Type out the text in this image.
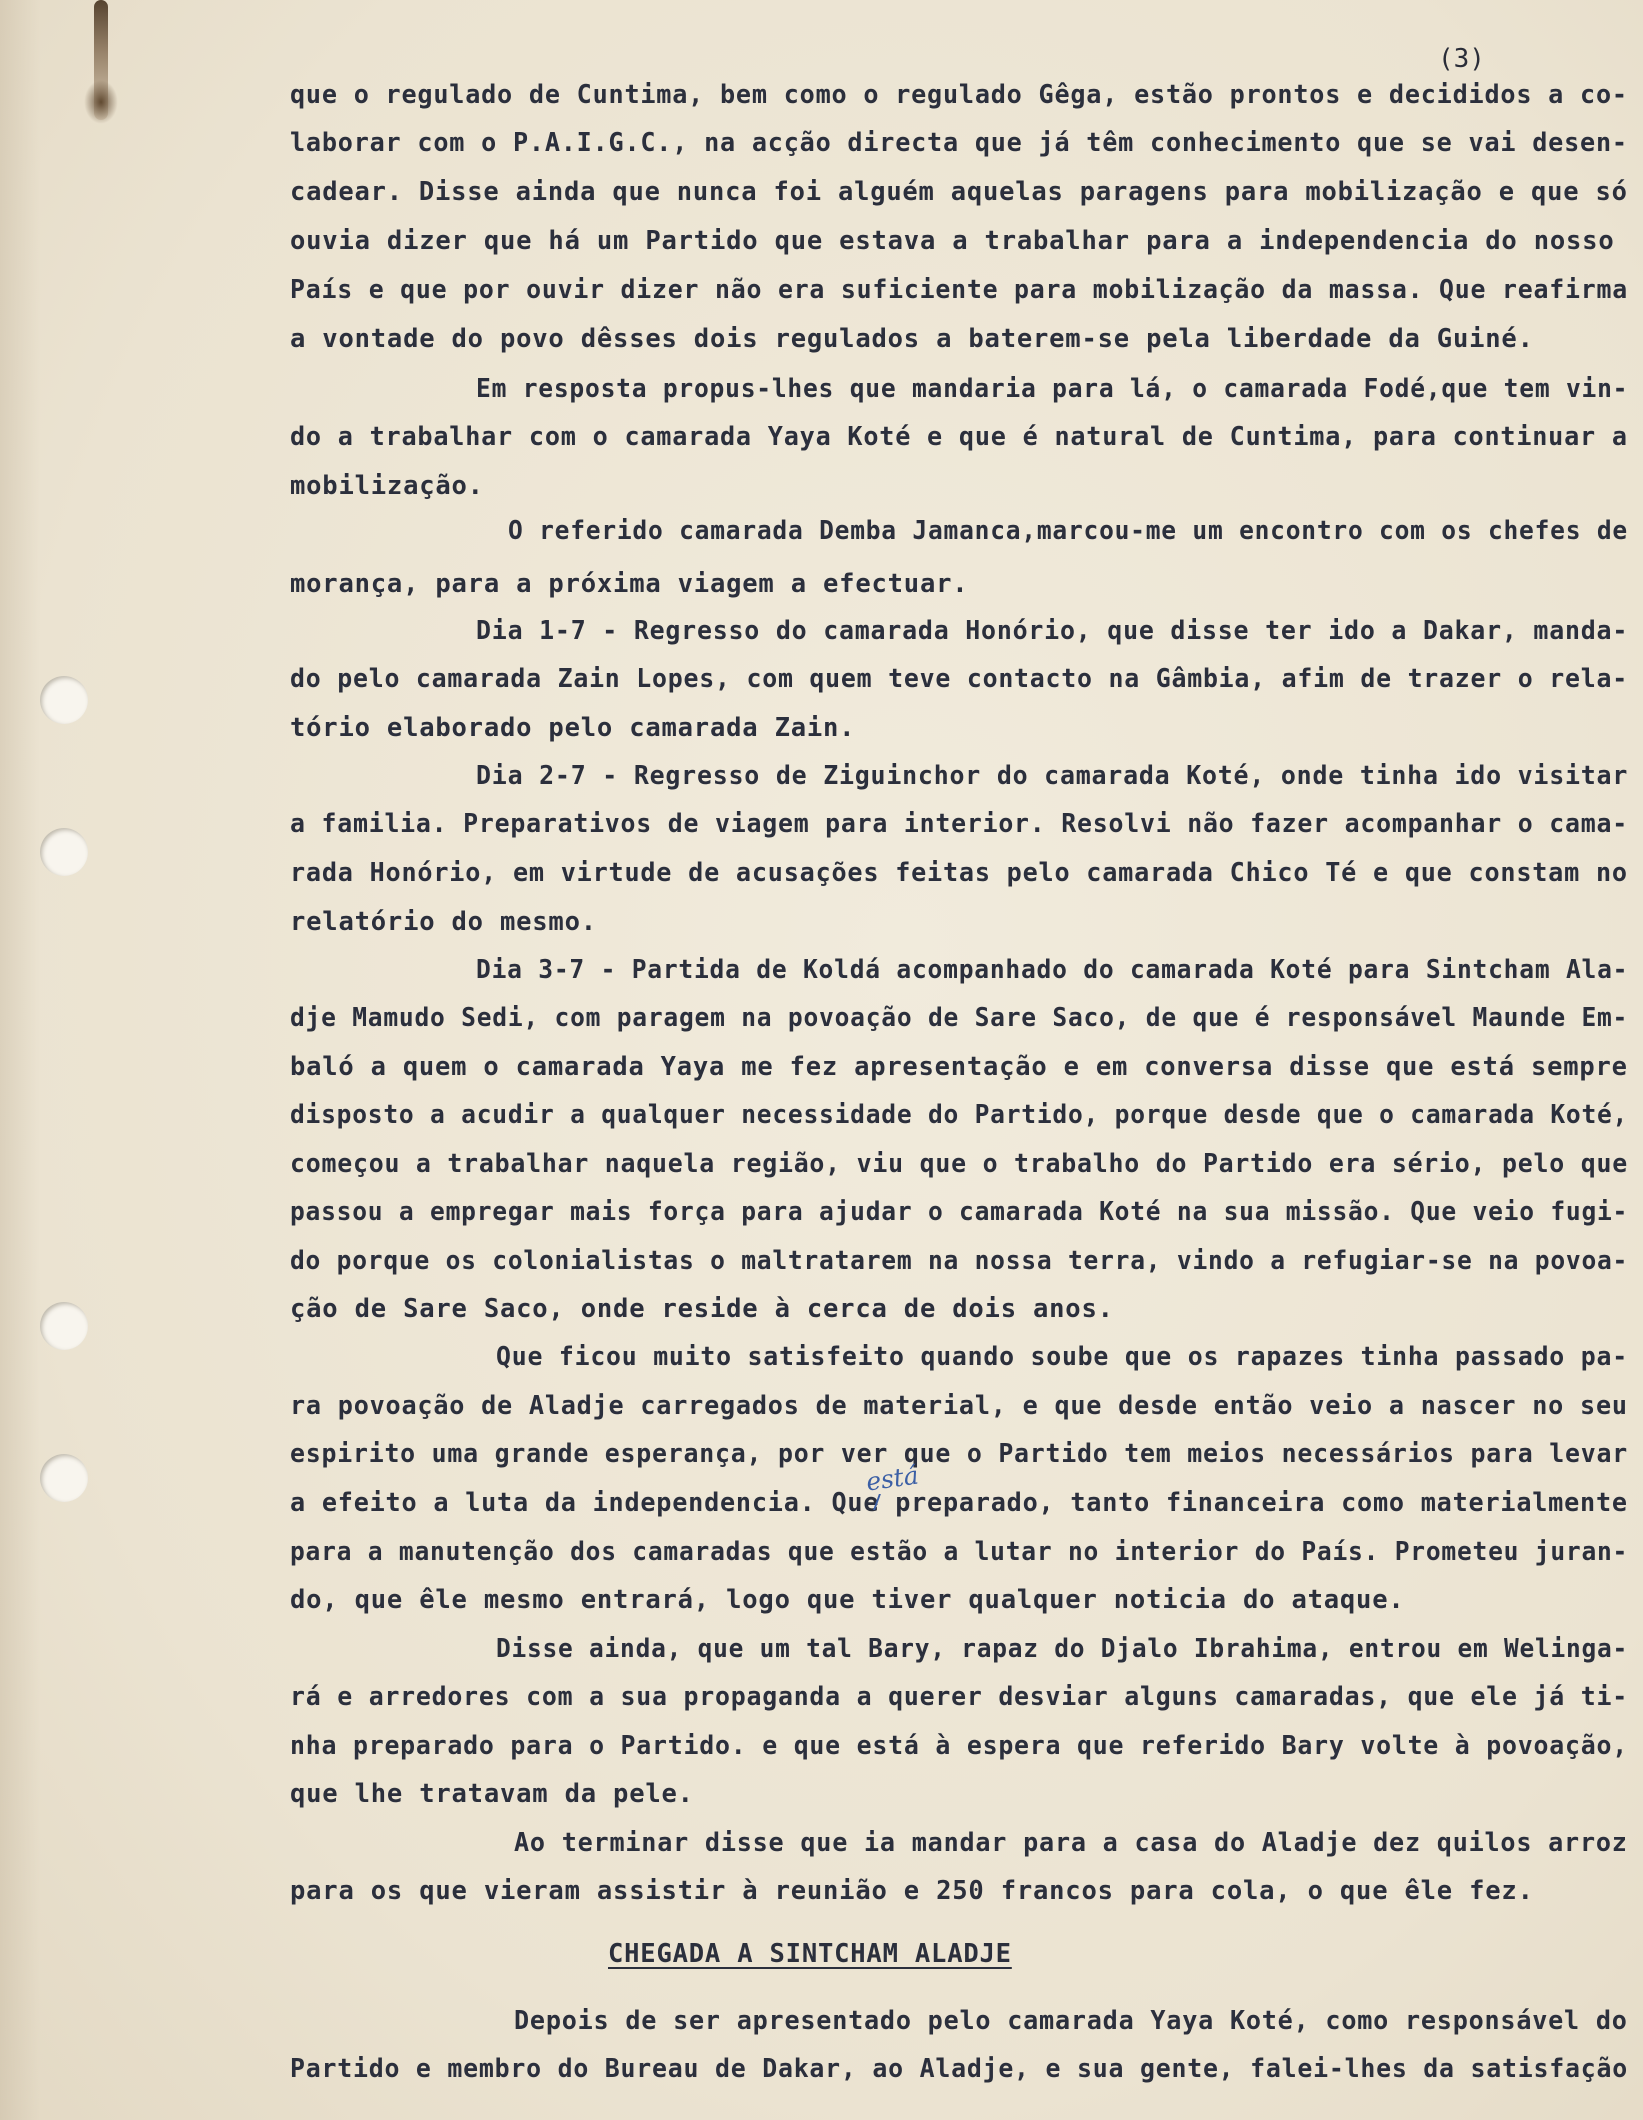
(3)
que o regulado de Cuntima, bem como o regulado Gêga, estão prontos e decididos a co-
laborar com o P.A.I.G.C., na acção directa que já têm conhecimento que se vai desen-
cadear. Disse ainda que nunca foi alguém aquelas paragens para mobilização e que só
ouvia dizer que há um Partido que estava a trabalhar para a independencia do nosso
País e que por ouvir dizer não era suficiente para mobilização da massa. Que reafirma
a vontade do povo dêsses dois regulados a baterem-se pela liberdade da Guiné.
Em resposta propus-lhes que mandaria para lá, o camarada Fodé,que tem vin-
do a trabalhar com o camarada Yaya Koté e que é natural de Cuntima, para continuar a
mobilização.
O referido camarada Demba Jamanca,marcou-me um encontro com os chefes de
morança, para a próxima viagem a efectuar.
Dia 1-7 - Regresso do camarada Honório, que disse ter ido a Dakar, manda-
do pelo camarada Zain Lopes, com quem teve contacto na Gâmbia, afim de trazer o rela-
tório elaborado pelo camarada Zain.
Dia 2-7 - Regresso de Ziguinchor do camarada Koté, onde tinha ido visitar
a familia. Preparativos de viagem para interior. Resolvi não fazer acompanhar o cama-
rada Honório, em virtude de acusações feitas pelo camarada Chico Té e que constam no
relatório do mesmo.
Dia 3-7 - Partida de Koldá acompanhado do camarada Koté para Sintcham Ala-
dje Mamudo Sedi, com paragem na povoação de Sare Saco, de que é responsável Maunde Em-
baló a quem o camarada Yaya me fez apresentação e em conversa disse que está sempre
disposto a acudir a qualquer necessidade do Partido, porque desde que o camarada Koté,
começou a trabalhar naquela região, viu que o trabalho do Partido era sério, pelo que
passou a empregar mais força para ajudar o camarada Koté na sua missão. Que veio fugi-
do porque os colonialistas o maltratarem na nossa terra, vindo a refugiar-se na povoa-
ção de Sare Saco, onde reside à cerca de dois anos.
Que ficou muito satisfeito quando soube que os rapazes tinha passado pa-
ra povoação de Aladje carregados de material, e que desde então veio a nascer no seu
espirito uma grande esperança, por ver que o Partido tem meios necessários para levar
a efeito a luta da independencia. Que preparado, tanto financeira como materialmente
para a manutenção dos camaradas que estão a lutar no interior do País. Prometeu juran-
do, que êle mesmo entrará, logo que tiver qualquer noticia do ataque.
Disse ainda, que um tal Bary, rapaz do Djalo Ibrahima, entrou em Welinga-
rá e arredores com a sua propaganda a querer desviar alguns camaradas, que ele já ti-
nha preparado para o Partido. e que está à espera que referido Bary volte à povoação,
que lhe tratavam da pele.
Ao terminar disse que ia mandar para a casa do Aladje dez quilos arroz
para os que vieram assistir à reunião e 250 francos para cola, o que êle fez.
CHEGADA A SINTCHAM ALADJE
Depois de ser apresentado pelo camarada Yaya Koté, como responsável do
Partido e membro do Bureau de Dakar, ao Aladje, e sua gente, falei-lhes da satisfação
está
